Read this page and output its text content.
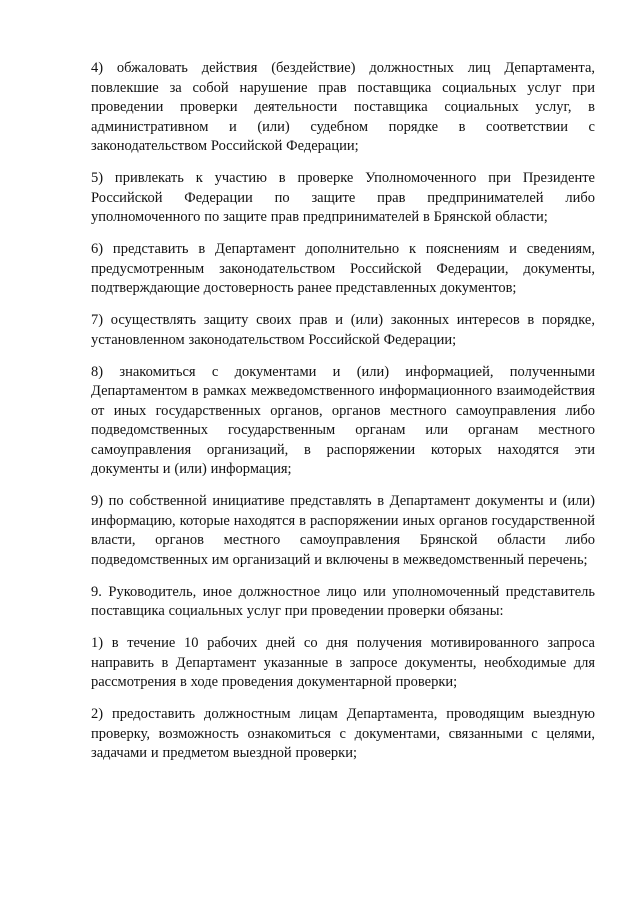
4) обжаловать действия (бездействие) должностных лиц Департамента, повлекшие за собой нарушение прав поставщика социальных услуг при проведении проверки деятельности поставщика социальных услуг, в административном и (или) судебном порядке в соответствии с законодательством Российской Федерации;

5) привлекать к участию в проверке Уполномоченного при Президенте Российской Федерации по защите прав предпринимателей либо уполномоченного по защите прав предпринимателей в Брянской области;

6) представить в Департамент дополнительно к пояснениям и сведениям, предусмотренным законодательством Российской Федерации, документы, подтверждающие достоверность ранее представленных документов;

7) осуществлять защиту своих прав и (или) законных интересов в порядке, установленном законодательством Российской Федерации;

8) знакомиться с документами и (или) информацией, полученными Департаментом в рамках межведомственного информационного взаимодействия от иных государственных органов, органов местного самоуправления либо подведомственных государственным органам или органам местного самоуправления организаций, в распоряжении которых находятся эти документы и (или) информация;

9) по собственной инициативе представлять в Департамент документы и (или) информацию, которые находятся в распоряжении иных органов государственной власти, органов местного самоуправления Брянской области либо подведомственных им организаций и включены в межведомственный перечень;

9. Руководитель, иное должностное лицо или уполномоченный представитель поставщика социальных услуг при проведении проверки обязаны:

1) в течение 10 рабочих дней со дня получения мотивированного запроса направить в Департамент указанные в запросе документы, необходимые для рассмотрения в ходе проведения документарной проверки;

2) предоставить должностным лицам Департамента, проводящим выездную проверку, возможность ознакомиться с документами, связанными с целями, задачами и предметом выездной проверки;
